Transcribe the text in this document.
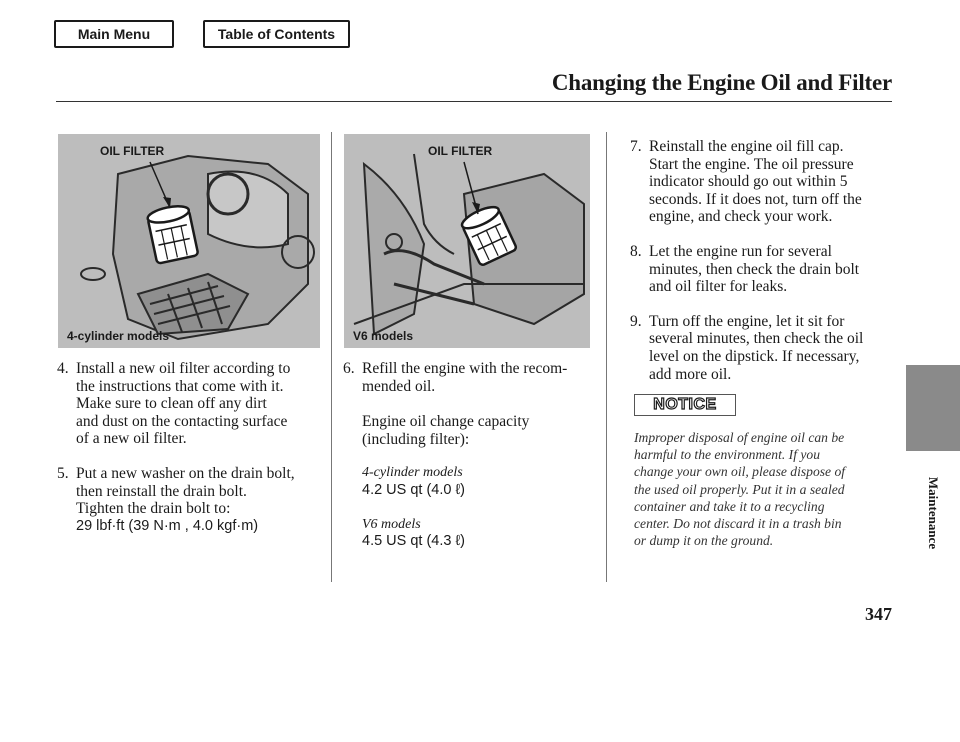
Main Menu	Table of Contents
Changing the Engine Oil and Filter
Maintenance
OIL FILTER
4-cylinder models
OIL FILTER
V6 models
4. Install a new oil filter according to
the instructions that come with it.
Make sure to clean off any dirt
and dust on the contacting surface
of a new oil filter.
5. Put a new washer on the drain bolt,
then reinstall the drain bolt.
Tighten the drain bolt to:
29 lbf·ft (39 N·m , 4.0 kgf·m)
6. Refill the engine with the recom-
mended oil.
Engine oil change capacity
(including filter):
4-cylinder models
4.2 US qt (4.0 ℓ)
V6 models
4.5 US qt (4.3 ℓ)
7. Reinstall the engine oil fill cap.
Start the engine. The oil pressure
indicator should go out within 5
seconds. If it does not, turn off the
engine, and check your work.
8. Let the engine run for several
minutes, then check the drain bolt
and oil filter for leaks.
9. Turn off the engine, let it sit for
several minutes, then check the oil
level on the dipstick. If necessary,
add more oil.
NOTICE
Improper disposal of engine oil can be
harmful to the environment. If you
change your own oil, please dispose of
the used oil properly. Put it in a sealed
container and take it to a recycling
center. Do not discard it in a trash bin
or dump it on the ground.
347
